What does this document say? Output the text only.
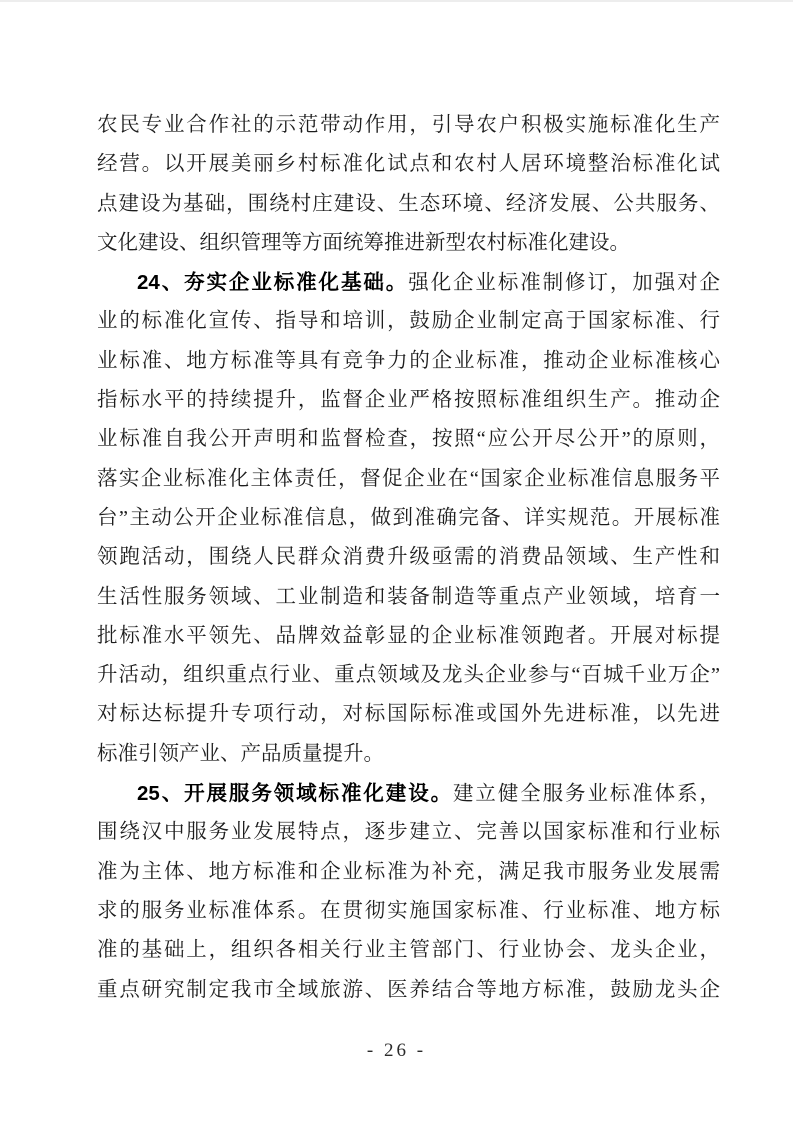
农民专业合作社的示范带动作用，引导农户积极实施标准化生产
经营。以开展美丽乡村标准化试点和农村人居环境整治标准化试
点建设为基础，围绕村庄建设、生态环境、经济发展、公共服务、
文化建设、组织管理等方面统筹推进新型农村标准化建设。
24、夯实企业标准化基础。强化企业标准制修订，加强对企
业的标准化宣传、指导和培训，鼓励企业制定高于国家标准、行
业标准、地方标准等具有竞争力的企业标准，推动企业标准核心
指标水平的持续提升，监督企业严格按照标准组织生产。推动企
业标准自我公开声明和监督检查，按照“应公开尽公开”的原则，
落实企业标准化主体责任，督促企业在“国家企业标准信息服务平
台”主动公开企业标准信息，做到准确完备、详实规范。开展标准
领跑活动，围绕人民群众消费升级亟需的消费品领域、生产性和
生活性服务领域、工业制造和装备制造等重点产业领域，培育一
批标准水平领先、品牌效益彰显的企业标准领跑者。开展对标提
升活动，组织重点行业、重点领域及龙头企业参与“百城千业万企”
对标达标提升专项行动，对标国际标准或国外先进标准，以先进
标准引领产业、产品质量提升。
25、开展服务领域标准化建设。建立健全服务业标准体系，
围绕汉中服务业发展特点，逐步建立、完善以国家标准和行业标
准为主体、地方标准和企业标准为补充，满足我市服务业发展需
求的服务业标准体系。在贯彻实施国家标准、行业标准、地方标
准的基础上，组织各相关行业主管部门、行业协会、龙头企业，
重点研究制定我市全域旅游、医养结合等地方标准，鼓励龙头企
- 26 -
